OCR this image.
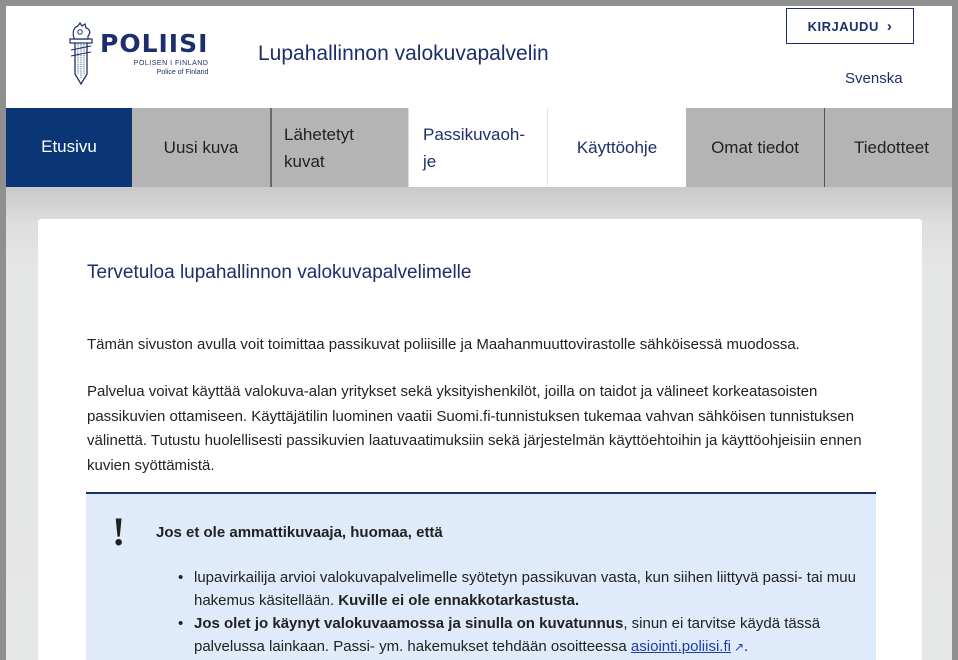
POLIISI
POLISEN I FINLAND
Police of Finland
Lupahallinnon valokuvapalvelin
KIRJAUDU ›
Svenska
Etusivu	Uusi kuva
Lähetetyt
kuvat
Passikuvaoh-
je
Käyttöohje	Omat tiedot	Tiedotteet
Tervetuloa lupahallinnon valokuvapalvelimelle

Tämän sivuston avulla voit toimittaa passikuvat poliisille ja Maahanmuuttovirastolle sähköisessä muodossa.

Palvelua voivat käyttää valokuva-alan yritykset sekä yksityishenkilöt, joilla on taidot ja välineet korkeatasoisten passikuvien ottamiseen. Käyttäjätilin luominen vaatii Suomi.fi-tunnistuksen tukemaa vahvan sähköisen tunnistuksen välinettä. Tutustu huolellisesti passikuvien laatuvaatimuksiin sekä järjestelmän käyttöehtoihin ja käyttöohjeisiin ennen kuvien syöttämistä.

! Jos et ole ammattikuvaaja, huomaa, että
• lupavirkailija arvioi valokuvapalvelimelle syötetyn passikuvan vasta, kun siihen liittyvä passi- tai muu hakemus käsitellään. Kuville ei ole ennakkotarkastusta.
• Jos olet jo käynyt valokuvaamossa ja sinulla on kuvatunnus, sinun ei tarvitse käydä tässä palvelussa lainkaan. Passi- ym. hakemukset tehdään osoitteessa asiointi.poliisi.fi ↗.
